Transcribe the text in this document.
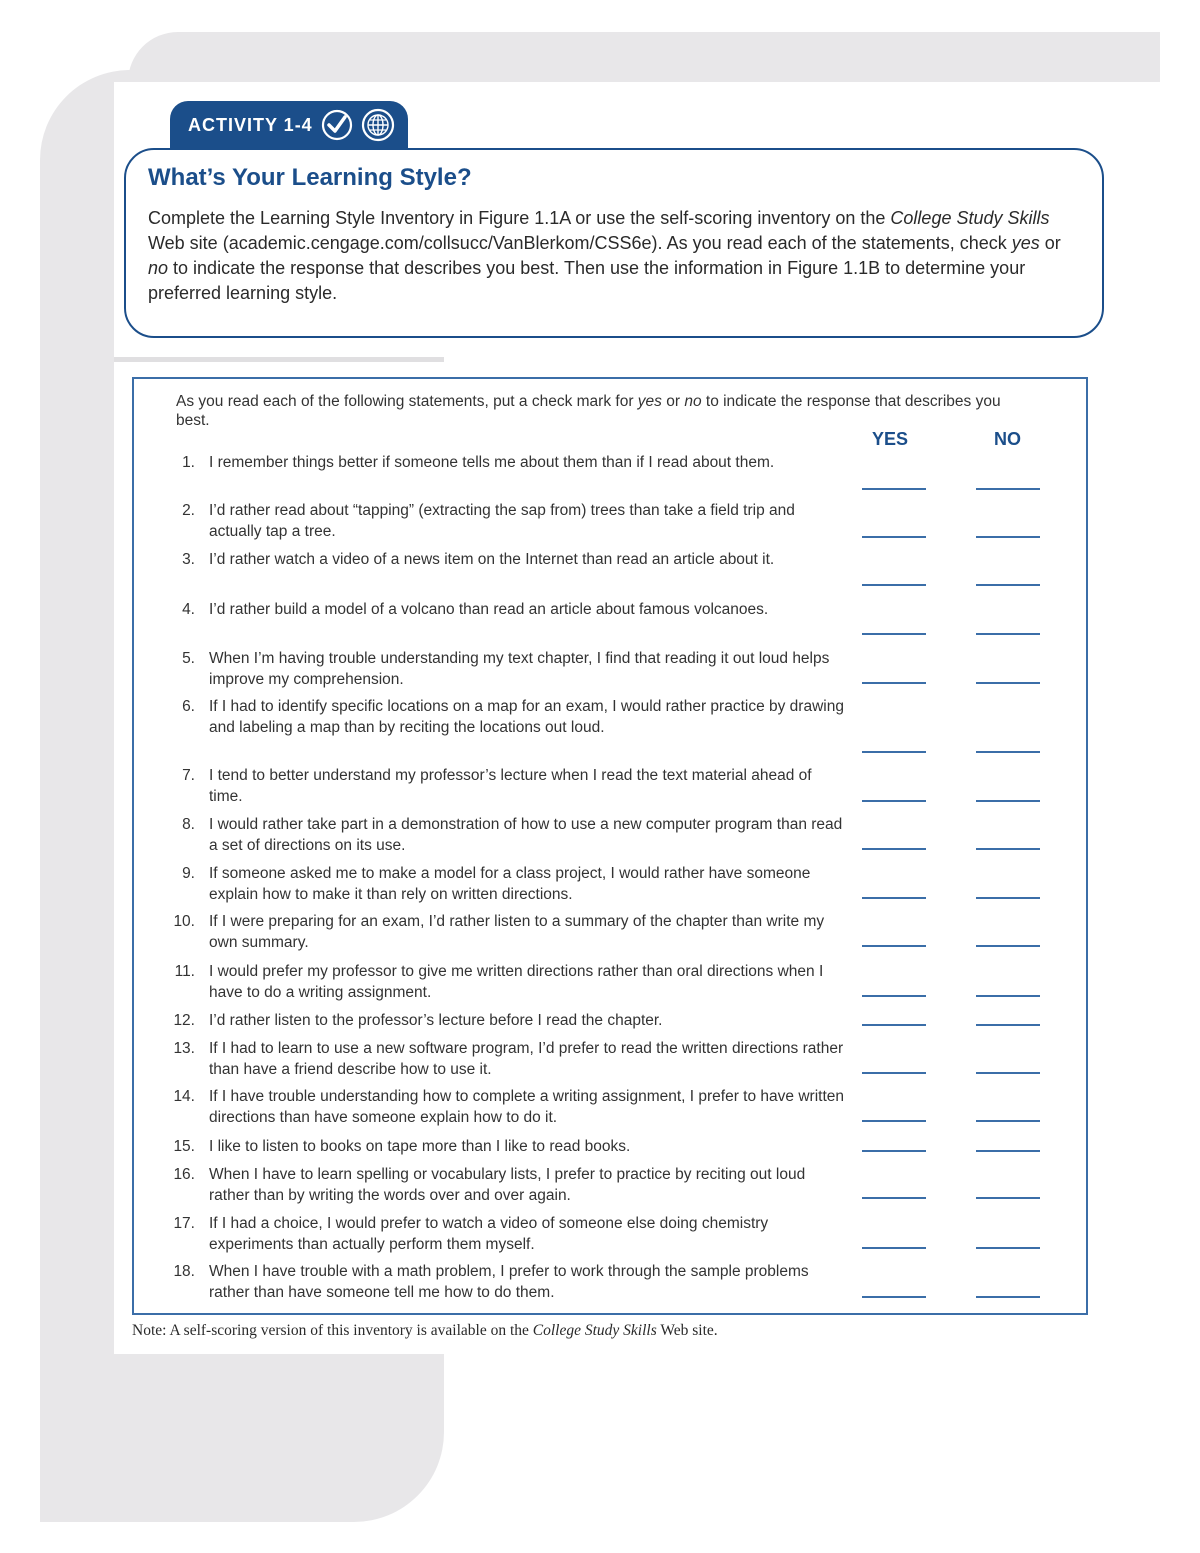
ACTIVITY 1-4
What’s Your Learning Style?
Complete the Learning Style Inventory in Figure 1.1A or use the self-scoring inventory on the College Study Skills Web site (academic.cengage.com/collsucc/VanBlerkom/CSS6e). As you read each of the statements, check yes or no to indicate the response that describes you best. Then use the information in Figure 1.1B to determine your preferred learning style.
As you read each of the following statements, put a check mark for yes or no to indicate the response that describes you best.
YES	NO
1. I remember things better if someone tells me about them than if I read about them.
2. I’d rather read about “tapping” (extracting the sap from) trees than take a field trip and actually tap a tree.
3. I’d rather watch a video of a news item on the Internet than read an article about it.
4. I’d rather build a model of a volcano than read an article about famous volcanoes.
5. When I’m having trouble understanding my text chapter, I find that reading it out loud helps improve my comprehension.
6. If I had to identify specific locations on a map for an exam, I would rather practice by drawing and labeling a map than by reciting the locations out loud.
7. I tend to better understand my professor’s lecture when I read the text material ahead of time.
8. I would rather take part in a demonstration of how to use a new computer program than read a set of directions on its use.
9. If someone asked me to make a model for a class project, I would rather have someone explain how to make it than rely on written directions.
10. If I were preparing for an exam, I’d rather listen to a summary of the chapter than write my own summary.
11. I would prefer my professor to give me written directions rather than oral directions when I have to do a writing assignment.
12. I’d rather listen to the professor’s lecture before I read the chapter.
13. If I had to learn to use a new software program, I’d prefer to read the written directions rather than have a friend describe how to use it.
14. If I have trouble understanding how to complete a writing assignment, I prefer to have written directions than have someone explain how to do it.
15. I like to listen to books on tape more than I like to read books.
16. When I have to learn spelling or vocabulary lists, I prefer to practice by reciting out loud rather than by writing the words over and over again.
17. If I had a choice, I would prefer to watch a video of someone else doing chemistry experiments than actually perform them myself.
18. When I have trouble with a math problem, I prefer to work through the sample problems rather than have someone tell me how to do them.
Note: A self-scoring version of this inventory is available on the College Study Skills Web site.
